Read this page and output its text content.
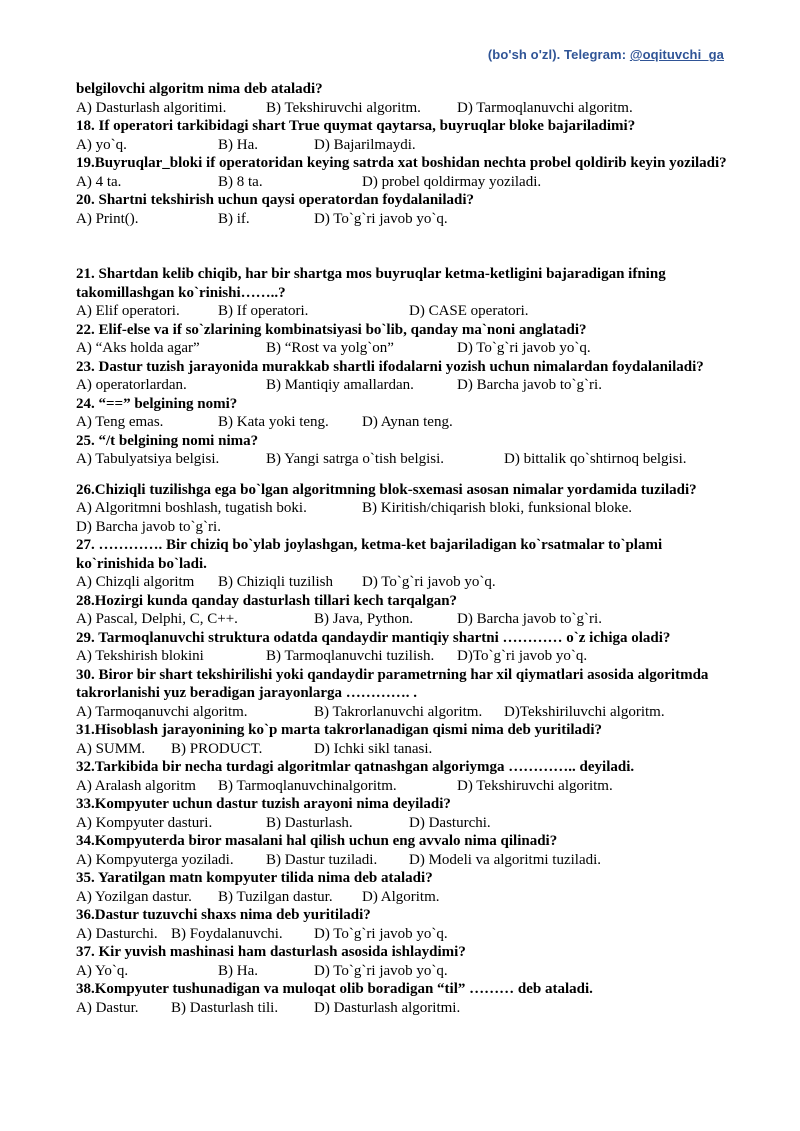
(bo'sh o'zl). Telegram: @oqituvchi_ga

belgilovchi algoritm nima deb ataladi?

A) Dasturlash algoritimi.	B) Tekshiruvchi algoritm. D) Tarmoqlanuvchi algoritm.

18. If operatori tarkibidagi shart True quymat qaytarsa, buyruqlar bloke bajariladimi?

A) yo`q.	B) Ha.	D) Bajarilmaydi.

19.Buyruqlar_bloki if operatoridan keying satrda xat boshidan nechta probel qoldirib keyin yoziladi?

A) 4 ta.	B) 8 ta.	D) probel qoldirmay yoziladi.

20. Shartni tekshirish uchun qaysi operatordan foydalaniladi?

A) Print().	B) if.	D) To`g`ri javob yo`q.

21. Shartdan kelib chiqib, har bir shartga mos buyruqlar ketma-ketligini bajaradigan ifning takomillashgan ko`rinishi……..?

A) Elif operatori.	B) If operatori.	D) CASE operatori.

22. Elif-else va if so`zlarining kombinatsiyasi bo`lib, qanday ma`noni anglatadi?

A) “Aks holda agar”	B) “Rost va yolg`on”	D) To`g`ri javob yo`q.

23. Dastur tuzish jarayonida murakkab shartli ifodalarni yozish uchun nimalardan foydalaniladi?

A) operatorlardan.	B) Mantiqiy amallardan.	D) Barcha javob to`g`ri.

24. “==” belgining nomi?

A) Teng emas.	B) Kata yoki teng. D) Aynan teng.

25. “/t belgining nomi nima?

A) Tabulyatsiya belgisi.	B) Yangi satrga o`tish belgisi.	D) bittalik qo`shtirnoq belgisi.

26.Chiziqli tuzilishga ega bo`lgan algoritmning blok-sxemasi asosan nimalar yordamida tuziladi?

A) Algoritmni boshlash, tugatish boki.	B) Kiritish/chiqarish bloki, funksional bloke.
D) Barcha javob to`g`ri.

27. …………. Bir chiziq bo`ylab joylashgan, ketma-ket bajariladigan ko`rsatmalar to`plami ko`rinishida bo`ladi.

A) Chizqli algoritm B) Chiziqli tuzilish D) To`g`ri javob yo`q.

28.Hozirgi kunda qanday dasturlash tillari kech tarqalgan?

A) Pascal, Delphi, C, C++.	B) Java, Python.	D) Barcha javob to`g`ri.

29. Tarmoqlanuvchi struktura odatda qandaydir mantiqiy shartni ………… o`z ichiga oladi?

A) Tekshirish blokini	B) Tarmoqlanuvchi tuzilish. D)To`g`ri javob yo`q.

30. Biror bir shart tekshirilishi yoki qandaydir parametrning har xil qiymatlari asosida algoritmda takrorlanishi yuz beradigan jarayonlarga …………. .

A) Tarmoqanuvchi algoritm.	B) Takrorlanuvchi algoritm. D)Tekshiriluvchi algoritm.

31.Hisoblash jarayonining ko`p marta takrorlanadigan qismi nima deb yuritiladi?

A) SUMM. B) PRODUCT.	D) Ichki sikl tanasi.

32.Tarkibida bir necha turdagi algoritmlar qatnashgan algoriymga ………….. deyiladi.

A) Aralash algoritm B) Tarmoqlanuvchinalgoritm.	D) Tekshiruvchi algoritm.

33.Kompyuter uchun dastur tuzish arayoni nima deyiladi?

A) Kompyuter dasturi.	B) Dasturlash.	D) Dasturchi.

34.Kompyuterda biror masalani hal qilish uchun eng avvalo nima qilinadi?

A) Kompyuterga yoziladi. B) Dastur tuziladi. D) Modeli va algoritmi tuziladi.

35. Yaratilgan matn kompyuter tilida nima deb ataladi?

A) Yozilgan dastur. B) Tuzilgan dastur. D) Algoritm.

36.Dastur tuzuvchi shaxs nima deb yuritiladi?

A) Dasturchi. B) Foydalanuvchi. D) To`g`ri javob yo`q.

37. Kir yuvish mashinasi ham dasturlash asosida ishlaydimi?

A) Yo`q.	B) Ha.	D) To`g`ri javob yo`q.

38.Kompyuter tushunadigan va muloqat olib boradigan “til” ……… deb ataladi.

A) Dastur. B) Dasturlash tili. D) Dasturlash algoritmi.
